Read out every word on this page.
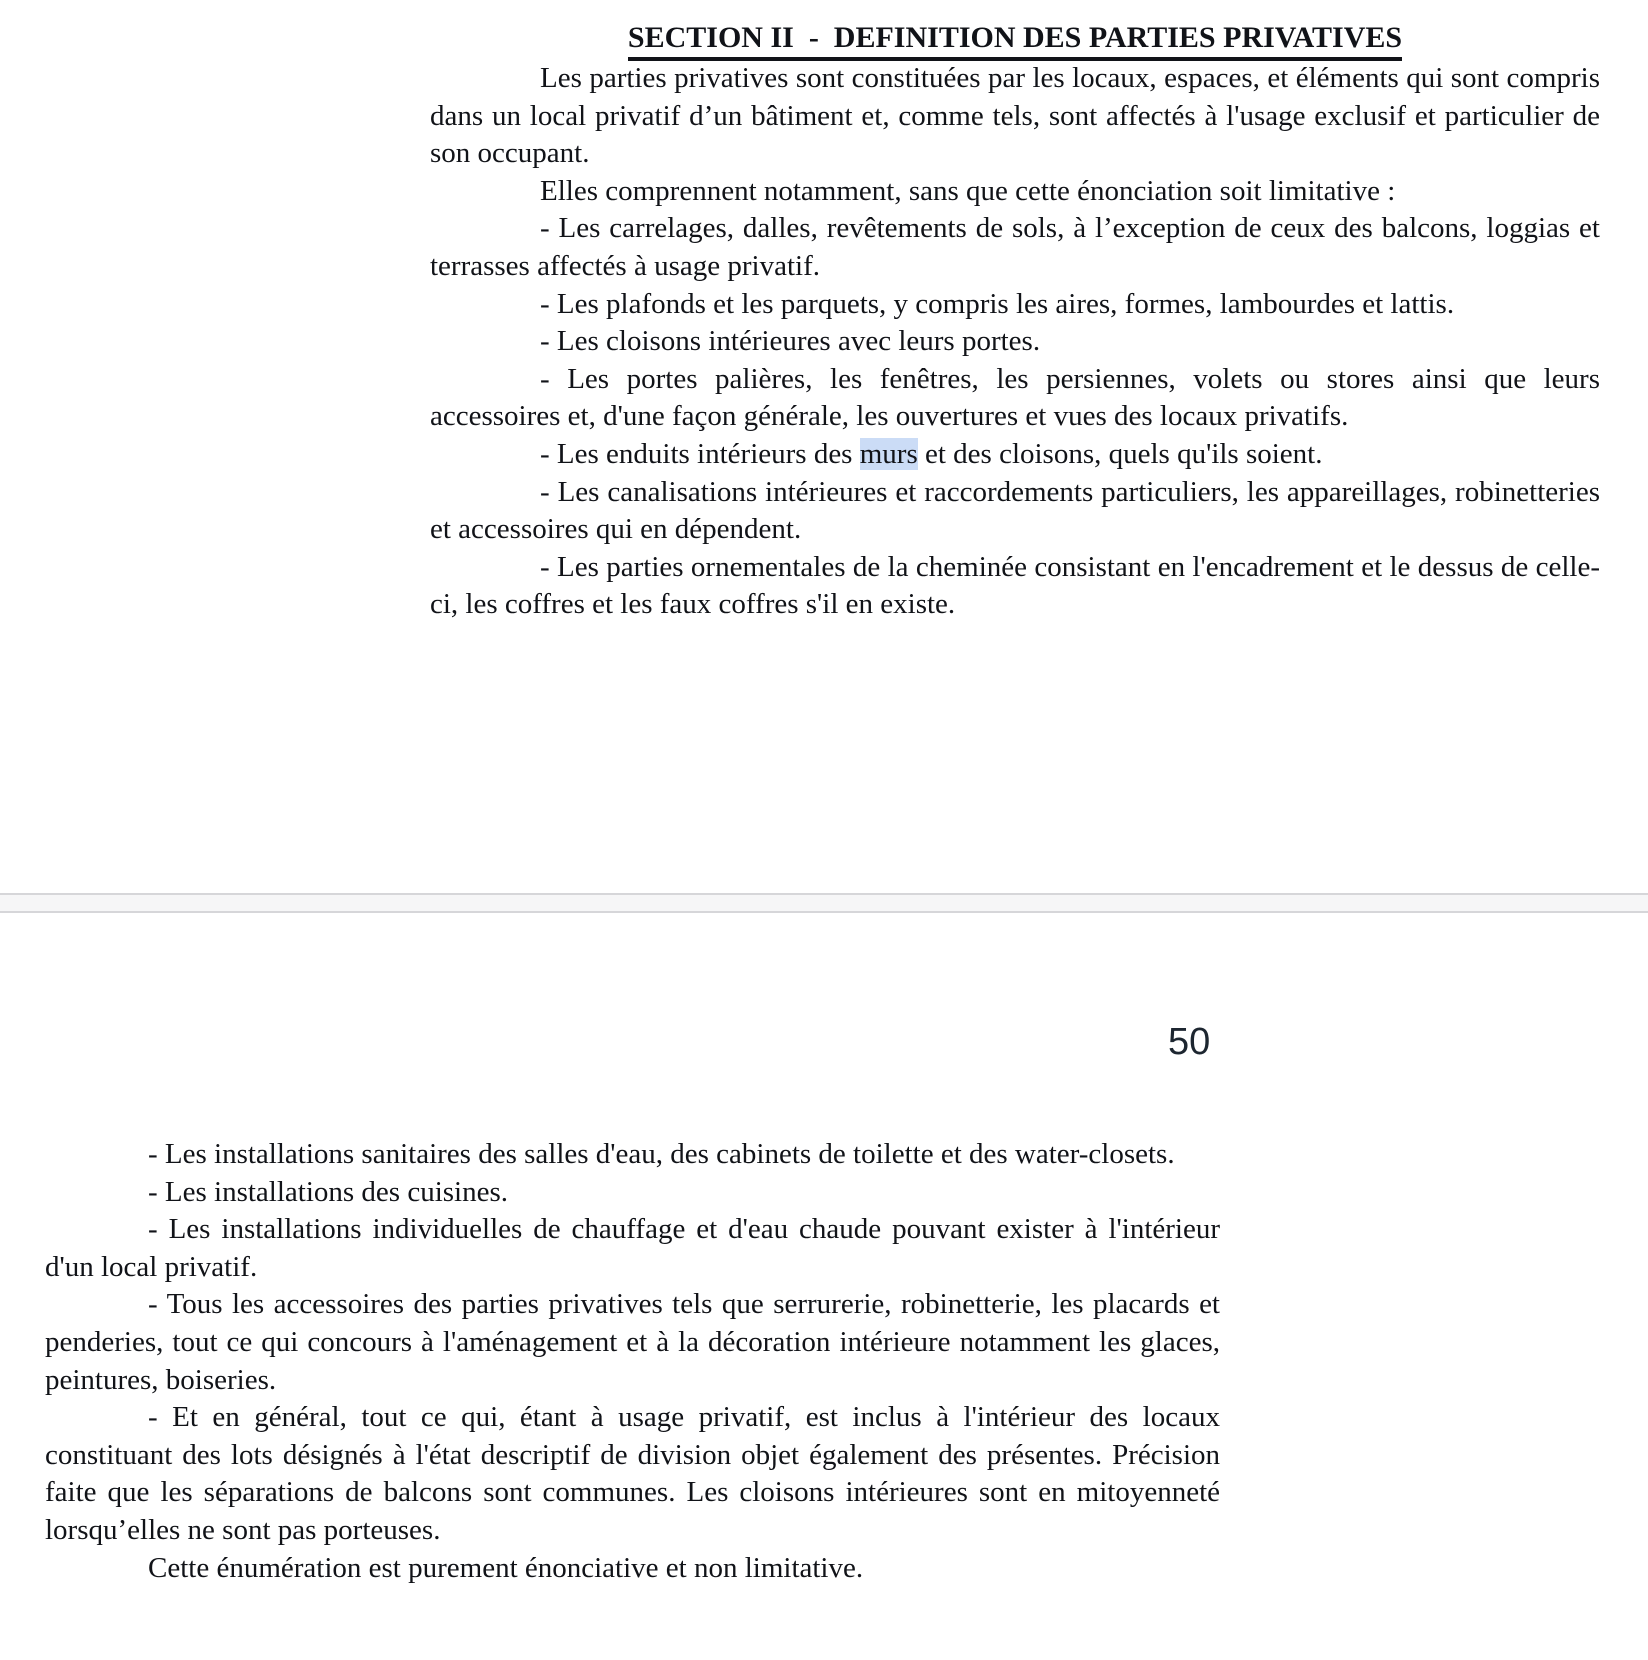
SECTION II  -  DEFINITION DES PARTIES PRIVATIVES

Les parties privatives sont constituées par les locaux, espaces, et éléments qui sont compris dans un local privatif d’un bâtiment et, comme tels, sont affectés à l'usage exclusif et particulier de son occupant.

Elles comprennent notamment, sans que cette énonciation soit limitative :

- Les carrelages, dalles, revêtements de sols, à l’exception de ceux des balcons, loggias et terrasses affectés à usage privatif.

- Les plafonds et les parquets, y compris les aires, formes, lambourdes et lattis.

- Les cloisons intérieures avec leurs portes.

- Les portes palières, les fenêtres, les persiennes, volets ou stores ainsi que leurs accessoires et, d'une façon générale, les ouvertures et vues des locaux privatifs.

- Les enduits intérieurs des murs et des cloisons, quels qu'ils soient.

- Les canalisations intérieures et raccordements particuliers, les appareillages, robinetteries et accessoires qui en dépendent.

- Les parties ornementales de la cheminée consistant en l'encadrement et le dessus de celle-ci, les coffres et les faux coffres s'il en existe.

50

- Les installations sanitaires des salles d'eau, des cabinets de toilette et des water-closets.

- Les installations des cuisines.

- Les installations individuelles de chauffage et d'eau chaude pouvant exister à l'intérieur d'un local privatif.

- Tous les accessoires des parties privatives tels que serrurerie, robinetterie, les placards et penderies, tout ce qui concours à l'aménagement et à la décoration intérieure notamment les glaces, peintures, boiseries.

- Et en général, tout ce qui, étant à usage privatif, est inclus à l'intérieur des locaux constituant des lots désignés à l'état descriptif de division objet également des présentes. Précision faite que les séparations de balcons sont communes. Les cloisons intérieures sont en mitoyenneté lorsqu’elles ne sont pas porteuses.

Cette énumération est purement énonciative et non limitative.
